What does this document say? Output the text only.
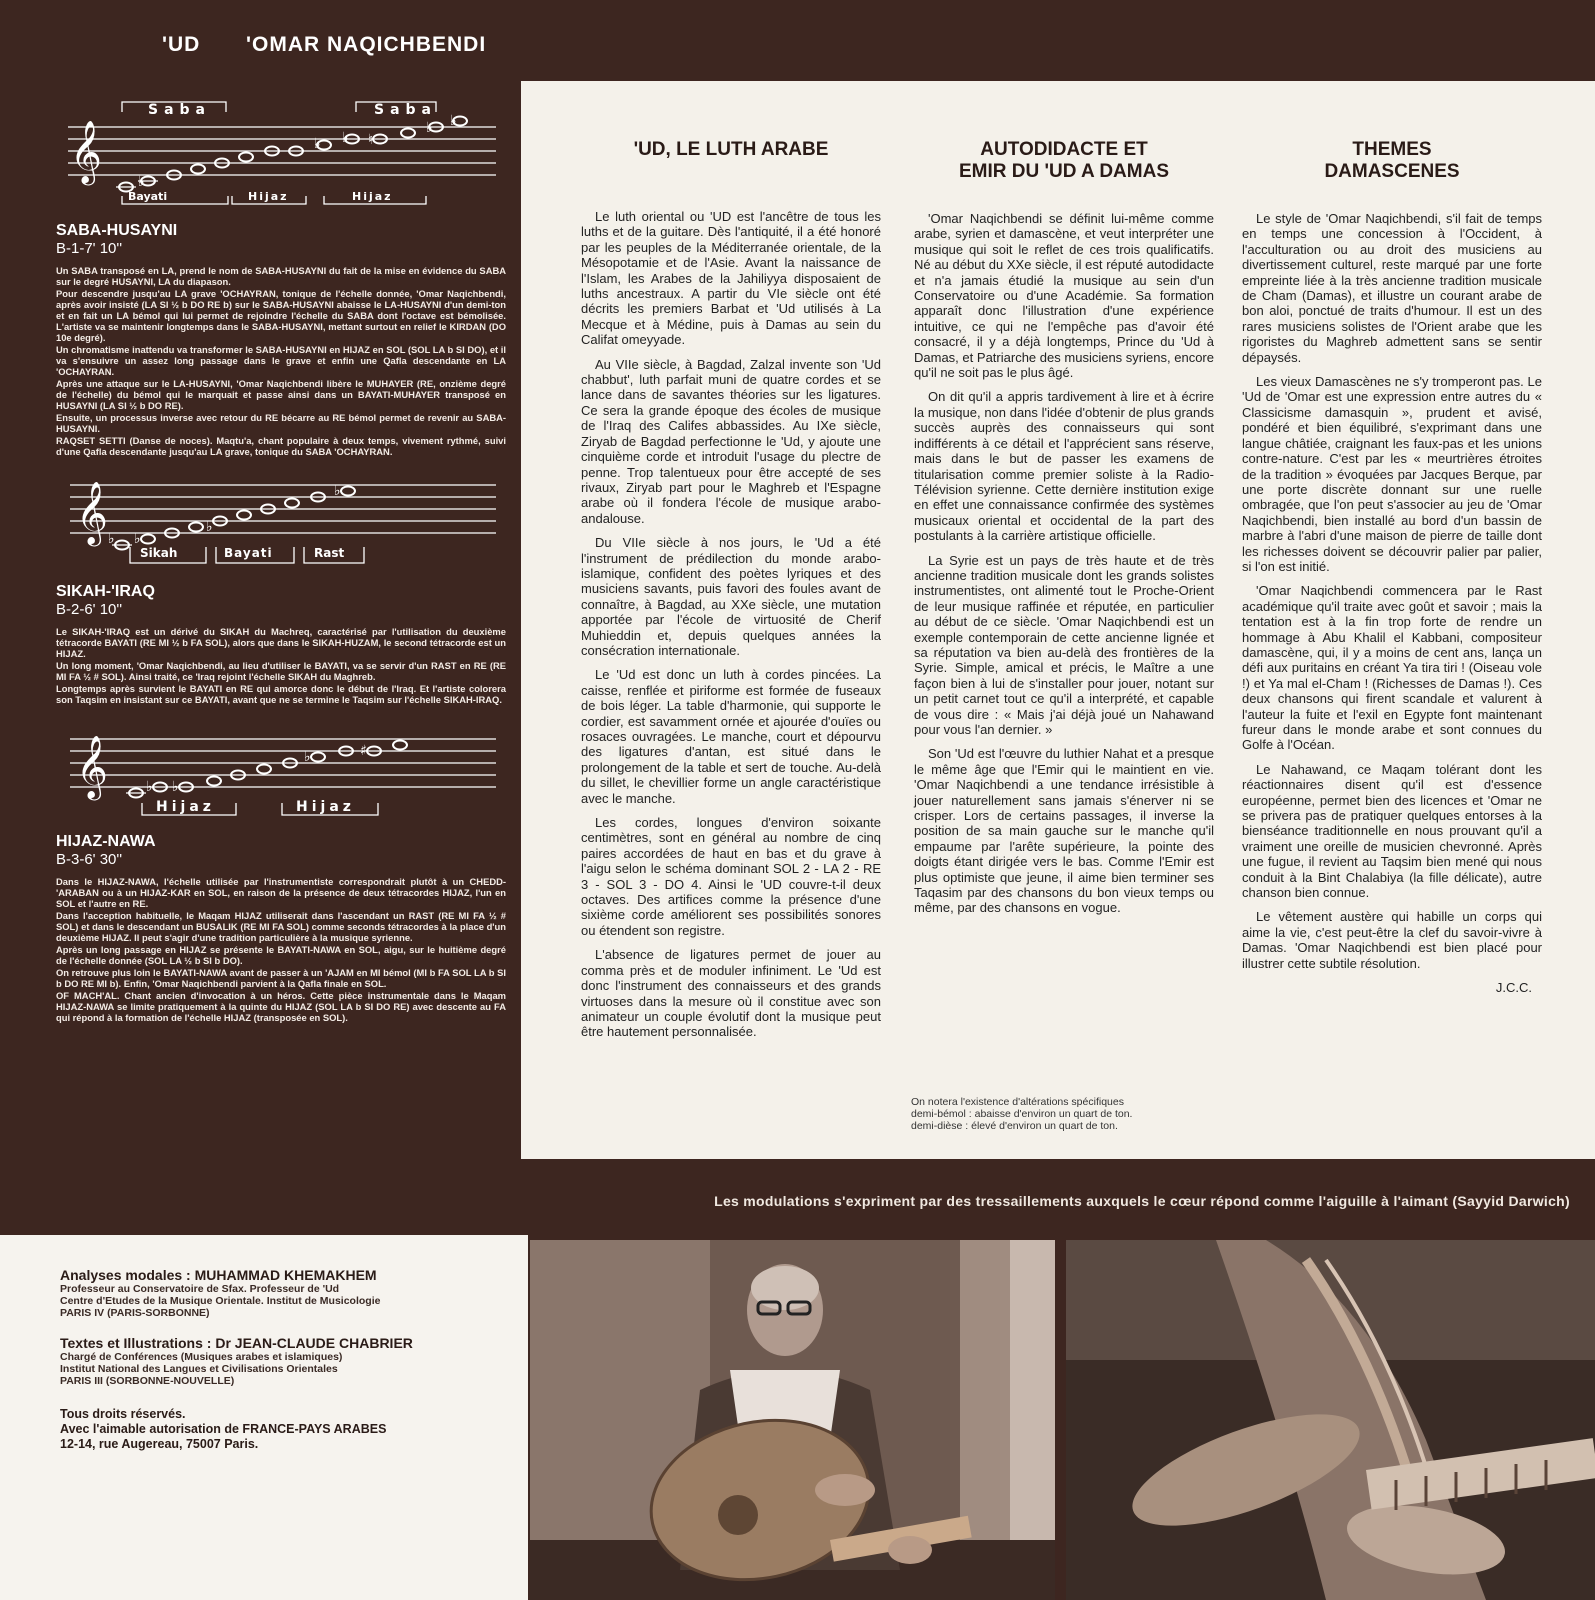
'UD 'OMAR NAQICHBENDI
𝄞	♭
♭ ♭ ♮
♭ ♭
Saba	Saba
Bayati	Hijaz	Hijaz
SABA-HUSAYNI
B-1-7' 10''

Un SABA transposé en LA, prend le nom de SABA-HUSAYNI du fait de la mise en évidence du SABA sur le degré HUSAYNI, LA du diapason.

Pour descendre jusqu'au LA grave 'OCHAYRAN, tonique de l'échelle donnée, 'Omar Naqichbendi, après avoir insisté (LA SI ½ b DO RE b) sur le SABA-HUSAYNI abaisse le LA-HUSAYNI d'un demi-ton et en fait un LA bémol qui lui permet de rejoindre l'échelle du SABA dont l'octave est bémolisée. L'artiste va se maintenir longtemps dans le SABA-HUSAYNI, mettant surtout en relief le KIRDAN (DO 10e degré).

Un chromatisme inattendu va transformer le SABA-HUSAYNI en HIJAZ en SOL (SOL LA b SI DO), et il va s'ensuivre un assez long passage dans le grave et enfin une Qafla descendante en LA 'OCHAYRAN.

Après une attaque sur le LA-HUSAYNI, 'Omar Naqichbendi libère le MUHAYER (RE, onzième degré de l'échelle) du bémol qui le marquait et passe ainsi dans un BAYATI-MUHAYER transposé en HUSAYNI (LA SI ½ b DO RE).

Ensuite, un processus inverse avec retour du RE bécarre au RE bémol permet de revenir au SABA-HUSAYNI.

RAQSET SETTI (Danse de noces). Maqtu'a, chant populaire à deux temps, vivement rythmé, suivi d'une Qafla descendante jusqu'au LA grave, tonique du SABA 'OCHAYRAN.

𝄞 ♭ ♭
♭
♭
Sikah	Bayati	Rast
SIKAH-'IRAQ
B-2-6' 10''

Le SIKAH-'IRAQ est un dérivé du SIKAH du Machreq, caractérisé par l'utilisation du deuxième tétracorde BAYATI (RE MI ½ b FA SOL), alors que dans le SIKAH-HUZAM, le second tétracorde est un HIJAZ.

Un long moment, 'Omar Naqichbendi, au lieu d'utiliser le BAYATI, va se servir d'un RAST en RE (RE MI FA ½ # SOL). Ainsi traité, ce 'Iraq rejoint l'échelle SIKAH du Maghreb.

Longtemps après survient le BAYATI en RE qui amorce donc le début de l'Iraq. Et l'artiste colorera son Taqsim en insistant sur ce BAYATI, avant que ne se termine le Taqsim sur l'échelle SIKAH-IRAQ.

𝄞	♭ ♭
♭	♯
Hijaz	Hijaz
HIJAZ-NAWA
B-3-6' 30''

Dans le HIJAZ-NAWA, l'échelle utilisée par l'instrumentiste correspondrait plutôt à un CHEDD-'ARABAN ou à un HIJAZ-KAR en SOL, en raison de la présence de deux tétracordes HIJAZ, l'un en SOL et l'autre en RE.

Dans l'acception habituelle, le Maqam HIJAZ utiliserait dans l'ascendant un RAST (RE MI FA ½ # SOL) et dans le descendant un BUSALIK (RE MI FA SOL) comme seconds tétracordes à la place d'un deuxième HIJAZ. Il peut s'agir d'une tradition particulière à la musique syrienne.

Après un long passage en HIJAZ se présente le BAYATI-NAWA en SOL, aigu, sur le huitième degré de l'échelle donnée (SOL LA ½ b SI b DO).

On retrouve plus loin le BAYATI-NAWA avant de passer à un 'AJAM en MI bémol (MI b FA SOL LA b SI b DO RE MI b). Enfin, 'Omar Naqichbendi parvient à la Qafla finale en SOL.

OF MACH'AL. Chant ancien d'invocation à un héros. Cette pièce instrumentale dans le Maqam HIJAZ-NAWA se limite pratiquement à la quinte du HIJAZ (SOL LA b SI DO RE) avec descente au FA qui répond à la formation de l'échelle HIJAZ (transposée en SOL).

'UD, LE LUTH ARABE

Le luth oriental ou 'UD est l'ancêtre de tous les luths et de la guitare. Dès l'antiquité, il a été honoré par les peuples de la Méditerranée orientale, de la Mésopotamie et de l'Asie. Avant la naissance de l'Islam, les Arabes de la Jahiliyya disposaient de luths ancestraux. A partir du VIe siècle ont été décrits les premiers Barbat et 'Ud utilisés à La Mecque et à Médine, puis à Damas au sein du Califat omeyyade.

Au VIIe siècle, à Bagdad, Zalzal invente son 'Ud chabbut', luth parfait muni de quatre cordes et se lance dans de savantes théories sur les ligatures. Ce sera la grande époque des écoles de musique de l'Iraq des Califes abbassides. Au IXe siècle, Ziryab de Bagdad perfectionne le 'Ud, y ajoute une cinquième corde et introduit l'usage du plectre de penne. Trop talentueux pour être accepté de ses rivaux, Ziryab part pour le Maghreb et l'Espagne arabe où il fondera l'école de musique arabo-andalouse.

Du VIIe siècle à nos jours, le 'Ud a été l'instrument de prédilection du monde arabo-islamique, confident des poètes lyriques et des musiciens savants, puis favori des foules avant de connaître, à Bagdad, au XXe siècle, une mutation apportée par l'école de virtuosité de Cherif Muhieddin et, depuis quelques années la consécration internationale.

Le 'Ud est donc un luth à cordes pincées. La caisse, renflée et piriforme est formée de fuseaux de bois léger. La table d'harmonie, qui supporte le cordier, est savamment ornée et ajourée d'ouïes ou rosaces ouvragées. Le manche, court et dépourvu des ligatures d'antan, est situé dans le prolongement de la table et sert de touche. Au-delà du sillet, le chevillier forme un angle caractéristique avec le manche.

Les cordes, longues d'environ soixante centimètres, sont en général au nombre de cinq paires accordées de haut en bas et du grave à l'aigu selon le schéma dominant SOL 2 - LA 2 - RE 3 - SOL 3 - DO 4. Ainsi le 'UD couvre-t-il deux octaves. Des artifices comme la présence d'une sixième corde améliorent ses possibilités sonores ou étendent son registre.

L'absence de ligatures permet de jouer au comma près et de moduler infiniment. Le 'Ud est donc l'instrument des connaisseurs et des grands virtuoses dans la mesure où il constitue avec son animateur un couple évolutif dont la musique peut être hautement personnalisée.

AUTODIDACTE ET
EMIR DU 'UD A DAMAS

'Omar Naqichbendi se définit lui-même comme arabe, syrien et damascène, et veut interpréter une musique qui soit le reflet de ces trois qualificatifs. Né au début du XXe siècle, il est réputé autodidacte et n'a jamais étudié la musique au sein d'un Conservatoire ou d'une Académie. Sa formation apparaît donc l'illustration d'une expérience intuitive, ce qui ne l'empêche pas d'avoir été consacré, il y a déjà longtemps, Prince du 'Ud à Damas, et Patriarche des musiciens syriens, encore qu'il ne soit pas le plus âgé.

On dit qu'il a appris tardivement à lire et à écrire la musique, non dans l'idée d'obtenir de plus grands succès auprès des connaisseurs qui sont indifférents à ce détail et l'apprécient sans réserve, mais dans le but de passer les examens de titularisation comme premier soliste à la Radio-Télévision syrienne. Cette dernière institution exige en effet une connaissance confirmée des systèmes musicaux oriental et occidental de la part des postulants à la carrière artistique officielle.

La Syrie est un pays de très haute et de très ancienne tradition musicale dont les grands solistes instrumentistes, ont alimenté tout le Proche-Orient de leur musique raffinée et réputée, en particulier au début de ce siècle. 'Omar Naqichbendi est un exemple contemporain de cette ancienne lignée et sa réputation va bien au-delà des frontières de la Syrie. Simple, amical et précis, le Maître a une façon bien à lui de s'installer pour jouer, notant sur un petit carnet tout ce qu'il a interprété, et capable de vous dire : « Mais j'ai déjà joué un Nahawand pour vous l'an dernier. »

Son 'Ud est l'œuvre du luthier Nahat et a presque le même âge que l'Emir qui le maintient en vie. 'Omar Naqichbendi a une tendance irrésistible à jouer naturellement sans jamais s'énerver ni se crisper. Lors de certains passages, il inverse la position de sa main gauche sur le manche qu'il empaume par l'arête supérieure, la pointe des doigts étant dirigée vers le bas. Comme l'Emir est plus optimiste que jeune, il aime bien terminer ses Taqasim par des chansons du bon vieux temps ou même, par des chansons en vogue.

On notera l'existence d'altérations spécifiques
demi-bémol : abaisse d'environ un quart de ton.
demi-dièse : élevé d'environ un quart de ton.
THEMES
DAMASCENES

Le style de 'Omar Naqichbendi, s'il fait de temps en temps une concession à l'Occident, à l'acculturation ou au droit des musiciens au divertissement culturel, reste marqué par une forte empreinte liée à la très ancienne tradition musicale de Cham (Damas), et illustre un courant arabe de bon aloi, ponctué de traits d'humour. Il est un des rares musiciens solistes de l'Orient arabe que les rigoristes du Maghreb admettent sans se sentir dépaysés.

Les vieux Damascènes ne s'y tromperont pas. Le 'Ud de 'Omar est une expression entre autres du « Classicisme damasquin », prudent et avisé, pondéré et bien équilibré, s'exprimant dans une langue châtiée, craignant les faux-pas et les unions contre-nature. C'est par les « meurtrières étroites de la tradition » évoquées par Jacques Berque, par une porte discrète donnant sur une ruelle ombragée, que l'on peut s'associer au jeu de 'Omar Naqichbendi, bien installé au bord d'un bassin de marbre à l'abri d'une maison de pierre de taille dont les richesses doivent se découvrir palier par palier, si l'on est initié.

'Omar Naqichbendi commencera par le Rast académique qu'il traite avec goût et savoir ; mais la tentation est à la fin trop forte de rendre un hommage à Abu Khalil el Kabbani, compositeur damascène, qui, il y a moins de cent ans, lança un défi aux puritains en créant Ya tira tiri ! (Oiseau vole !) et Ya mal el-Cham ! (Richesses de Damas !). Ces deux chansons qui firent scandale et valurent à l'auteur la fuite et l'exil en Egypte font maintenant fureur dans le monde arabe et sont connues du Golfe à l'Océan.

Le Nahawand, ce Maqam tolérant dont les réactionnaires disent qu'il est d'essence européenne, permet bien des licences et 'Omar ne se privera pas de pratiquer quelques entorses à la bienséance traditionnelle en nous prouvant qu'il a vraiment une oreille de musicien chevronné. Après une fugue, il revient au Taqsim bien mené qui nous conduit à la Bint Chalabiya (la fille délicate), autre chanson bien connue.

Le vêtement austère qui habille un corps qui aime la vie, c'est peut-être la clef du savoir-vivre à Damas. 'Omar Naqichbendi est bien placé pour illustrer cette subtile résolution.

J.C.C.

Les modulations s'expriment par des tressaillements auxquels le cœur répond comme l'aiguille à l'aimant (Sayyid Darwich)
Analyses modales : MUHAMMAD KHEMAKHEM
Professeur au Conservatoire de Sfax. Professeur de 'Ud
Centre d'Etudes de la Musique Orientale. Institut de Musicologie
PARIS IV (PARIS-SORBONNE)
Textes et Illustrations : Dr JEAN-CLAUDE CHABRIER
Chargé de Conférences (Musiques arabes et islamiques)
Institut National des Langues et Civilisations Orientales
PARIS III (SORBONNE-NOUVELLE)
Tous droits réservés.
Avec l'aimable autorisation de FRANCE-PAYS ARABES
12-14, rue Augereau, 75007 Paris.
